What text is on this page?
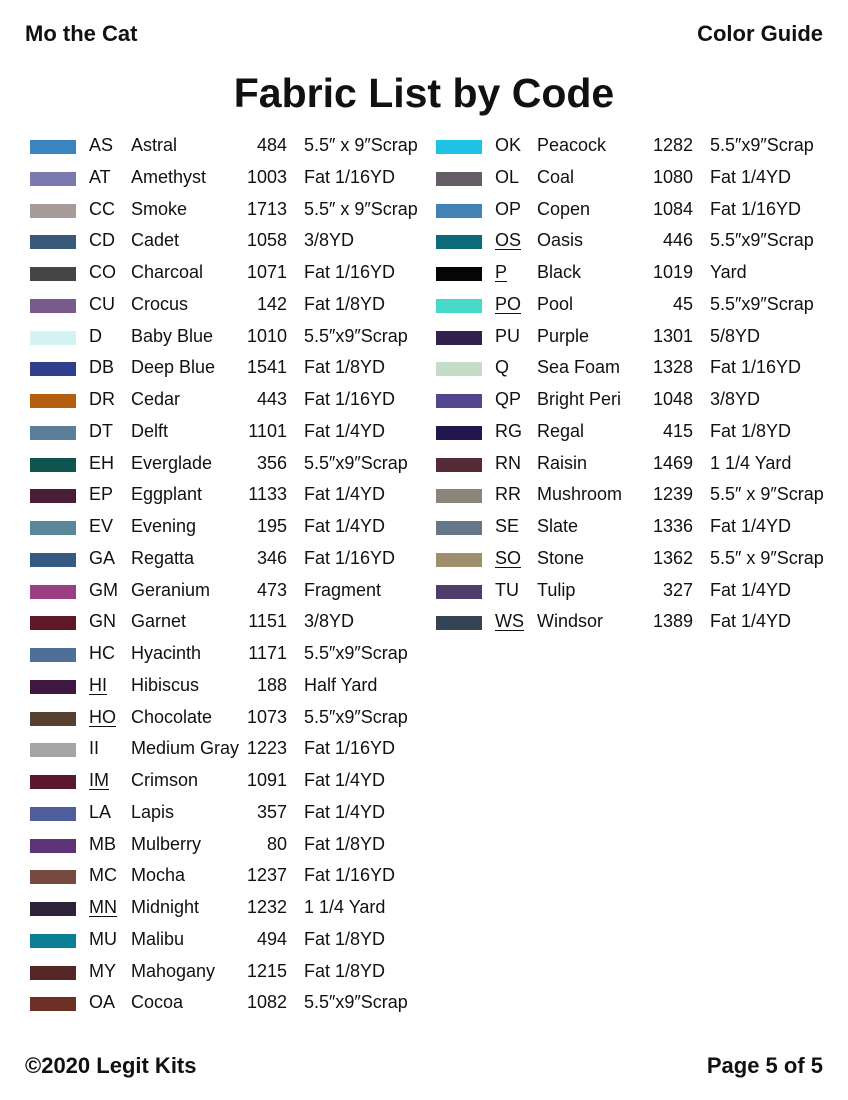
Mo the Cat	Color Guide
Fabric List by Code
AS Astral	484 5.5″ x 9″Scrap
AT Amethyst	1003 Fat 1/16YD
CC Smoke	1713 5.5″ x 9″Scrap
CD Cadet	1058 3/8YD
CO Charcoal	1071 Fat 1/16YD
CU Crocus	142 Fat 1/8YD
D Baby Blue	1010 5.5″x9″Scrap
DB Deep Blue	1541 Fat 1/8YD
DR Cedar	443 Fat 1/16YD
DT Delft	1101 Fat 1/4YD
EH Everglade	356 5.5″x9″Scrap
EP Eggplant	1133 Fat 1/4YD
EV Evening	195 Fat 1/4YD
GA Regatta	346 Fat 1/16YD
GM Geranium	473 Fragment
GN Garnet	1151 3/8YD
HC Hyacinth	1171 5.5″x9″Scrap
HI Hibiscus	188 Half Yard
HO Chocolate	1073 5.5″x9″Scrap
II Medium Gray 1223 Fat 1/16YD
IM Crimson	1091 Fat 1/4YD
LA Lapis	357 Fat 1/4YD
MB Mulberry	80 Fat 1/8YD
MC Mocha	1237 Fat 1/16YD
MN Midnight	1232 1 1/4 Yard
MU Malibu	494 Fat 1/8YD
MY Mahogany	1215 Fat 1/8YD
OA Cocoa	1082 5.5″x9″Scrap
OK Peacock	1282 5.5″x9″Scrap
OL Coal	1080 Fat 1/4YD
OP Copen	1084 Fat 1/16YD
OS Oasis	446 5.5″x9″Scrap
P Black	1019 Yard
PO Pool	45 5.5″x9″Scrap
PU Purple	1301 5/8YD
Q Sea Foam	1328 Fat 1/16YD
QP Bright Peri	1048 3/8YD
RG Regal	415 Fat 1/8YD
RN Raisin	1469 1 1/4 Yard
RR Mushroom	1239 5.5″ x 9″Scrap
SE Slate	1336 Fat 1/4YD
SO Stone	1362 5.5″ x 9″Scrap
TU Tulip	327 Fat 1/4YD
WS Windsor	1389 Fat 1/4YD
©2020 Legit Kits	Page 5 of 5
